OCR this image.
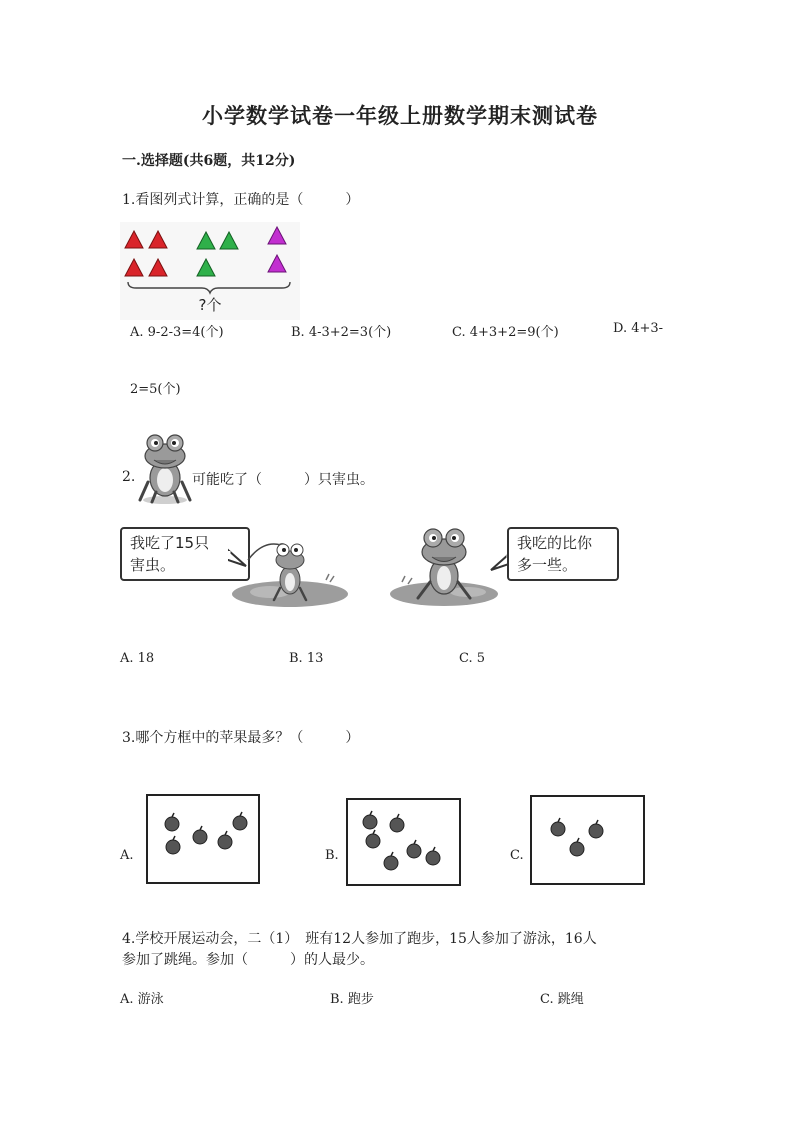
小学数学试卷一年级上册数学期末测试卷
一.选择题(共6题，共12分)
1.看图列式计算，正确的是（　　　）
?个
A. 9-2-3=4(个)	B. 4-3+2=3(个)	C. 4+3+2=9(个)	D. 4+3-
2=5(个)
2.	可能吃了（　　　）只害虫。
我吃了15只
害虫。
我吃的比你
多一些。
A. 18	B. 13	C. 5
3.哪个方框中的苹果最多？（　　　）
A.	B.	C.
4.学校开展运动会，二（1）　班有12人参加了跑步，15人参加了游泳，16人
参加了跳绳。参加（　　　）的人最少。
A. 游泳	B. 跑步	C. 跳绳
